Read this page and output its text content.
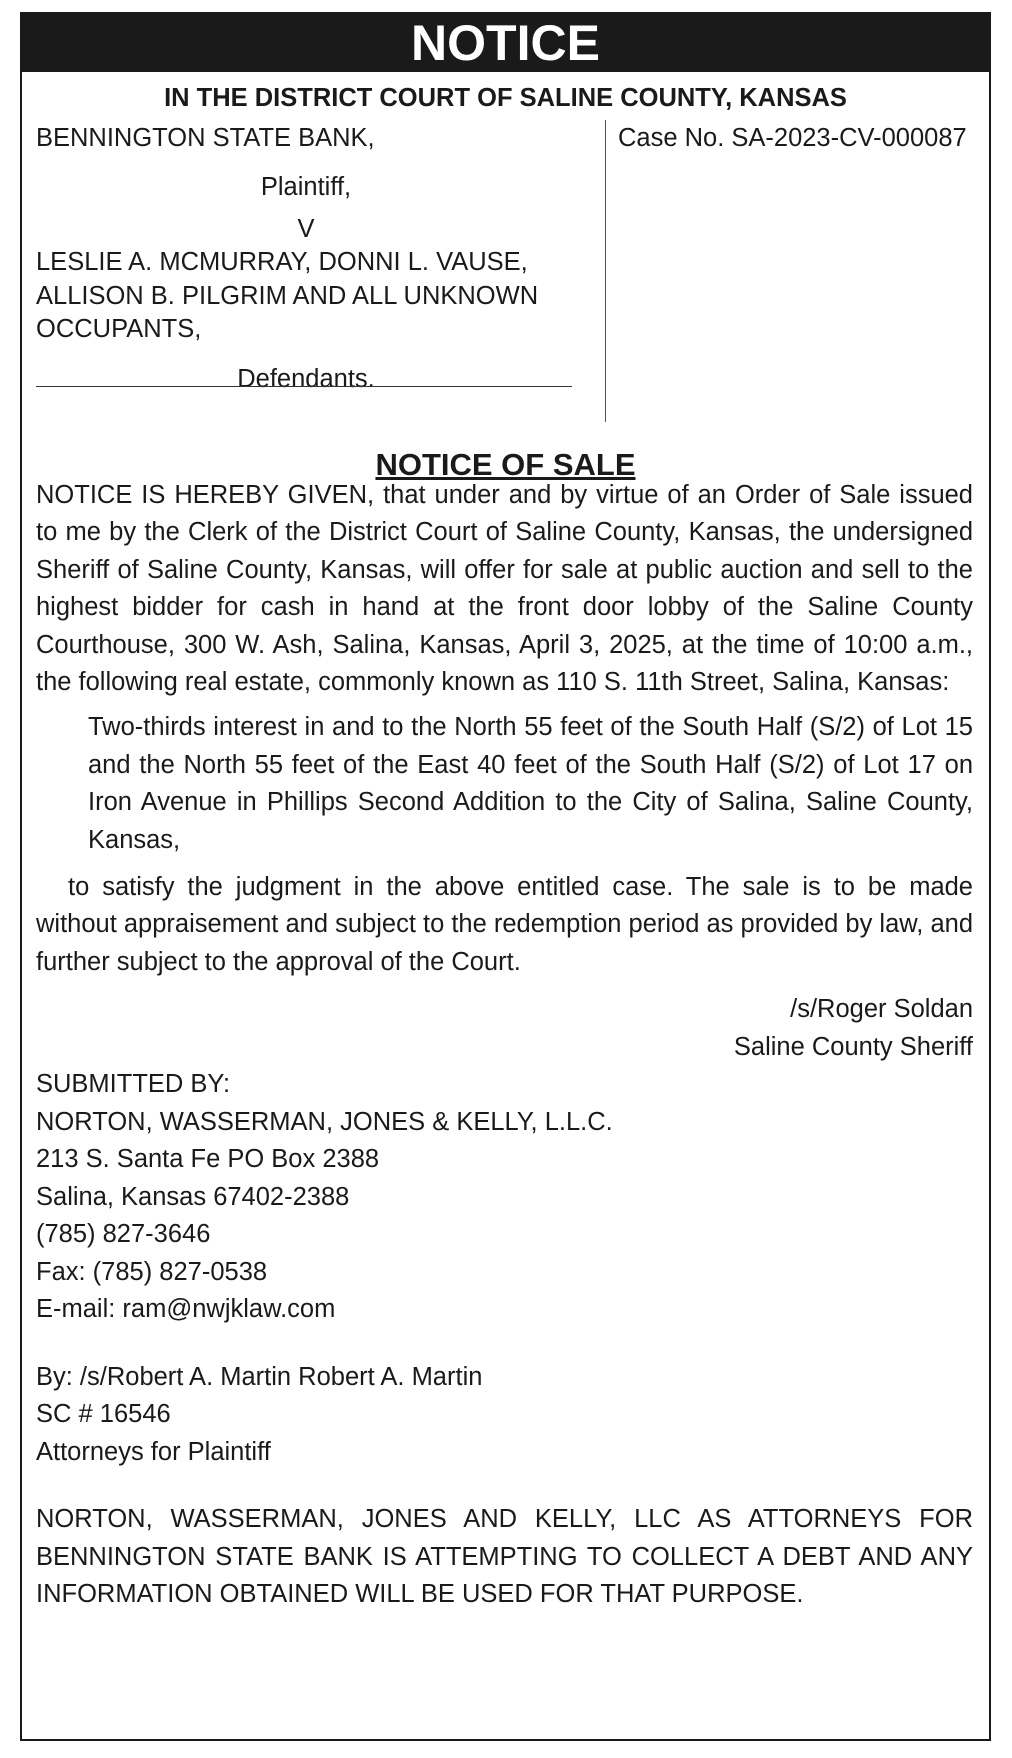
NOTICE
IN THE DISTRICT COURT OF SALINE COUNTY, KANSAS
BENNINGTON STATE BANK,
Plaintiff,
V
LESLIE A. MCMURRAY, DONNI L. VAUSE,
ALLISON B. PILGRIM AND ALL UNKNOWN
OCCUPANTS,
Defendants.
Case No. SA-2023-CV-000087
NOTICE OF SALE
NOTICE IS HEREBY GIVEN, that under and by virtue of an Order of Sale issued to me by the Clerk of the District Court of Saline County, Kansas, the undersigned Sheriff of Saline County, Kansas, will offer for sale at public auction and sell to the highest bidder for cash in hand at the front door lobby of the Saline County Courthouse, 300 W. Ash, Salina, Kansas, April 3, 2025, at the time of 10:00 a.m., the following real estate, commonly known as 110 S. 11th Street, Salina, Kansas:
Two-thirds interest in and to the North 55 feet of the South Half (S/2) of Lot 15 and the North 55 feet of the East 40 feet of the South Half (S/2) of Lot 17 on Iron Avenue in Phillips Second Addition to the City of Salina, Saline County, Kansas,
to satisfy the judgment in the above entitled case. The sale is to be made without appraisement and subject to the redemption period as provided by law, and further subject to the approval of the Court.
/s/Roger Soldan
Saline County Sheriff
SUBMITTED BY:
NORTON, WASSERMAN, JONES & KELLY, L.L.C.
213 S. Santa Fe PO Box 2388
Salina, Kansas 67402-2388
(785) 827-3646
Fax: (785) 827-0538
E-mail: ram@nwjklaw.com
By: /s/Robert A. Martin Robert A. Martin
SC # 16546
Attorneys for Plaintiff
NORTON, WASSERMAN, JONES AND KELLY, LLC AS ATTORNEYS FOR BENNINGTON STATE BANK IS ATTEMPTING TO COLLECT A DEBT AND ANY INFORMATION OBTAINED WILL BE USED FOR THAT PURPOSE.
